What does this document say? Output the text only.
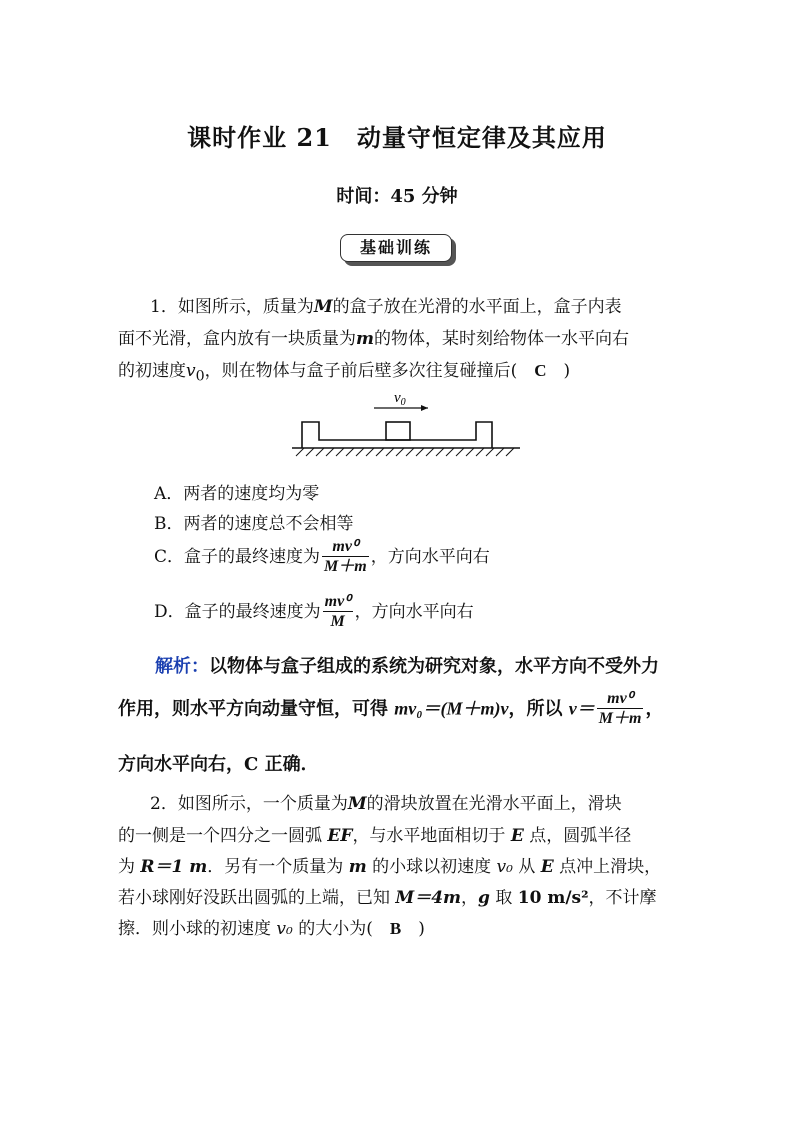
课时作业 21　动量守恒定律及其应用
时间：45 分钟
基础训练
1．如图所示，质量为M的盒子放在光滑的水平面上，盒子内表
面不光滑，盒内放有一块质量为m的物体，某时刻给物体一水平向右
的初速度$v_0$，则在物体与盒子前后壁多次往复碰撞后(　C　)
$v_0$
A．两者的速度均为零
B．两者的速度总不会相等
C．盒子的最终速度为 $\frac{\text{mv⁰}}{M+m}$ ，方向水平向右
D．盒子的最终速度为 $\frac{\text{mv⁰}}{M}$ ，方向水平向右
解析：以物体与盒子组成的系统为研究对象，水平方向不受外力
作用，则水平方向动量守恒，可得 mv₀＝(M＋m)v，所以 $v= \frac{\text{mv⁰}}{M+m}$ ，
方向水平向右，C 正确．
2．如图所示，一个质量为M的滑块放置在光滑水平面上，滑块
的一侧是一个四分之一圆弧 EF，与水平地面相切于 E 点，圆弧半径
为 R＝1 m．另有一个质量为 m 的小球以初速度 v₀ 从 E 点冲上滑块，
若小球刚好没跃出圆弧的上端，已知 M＝4m，g 取 10 m/s²，不计摩
擦．则小球的初速度 v₀ 的大小为(　B　)
